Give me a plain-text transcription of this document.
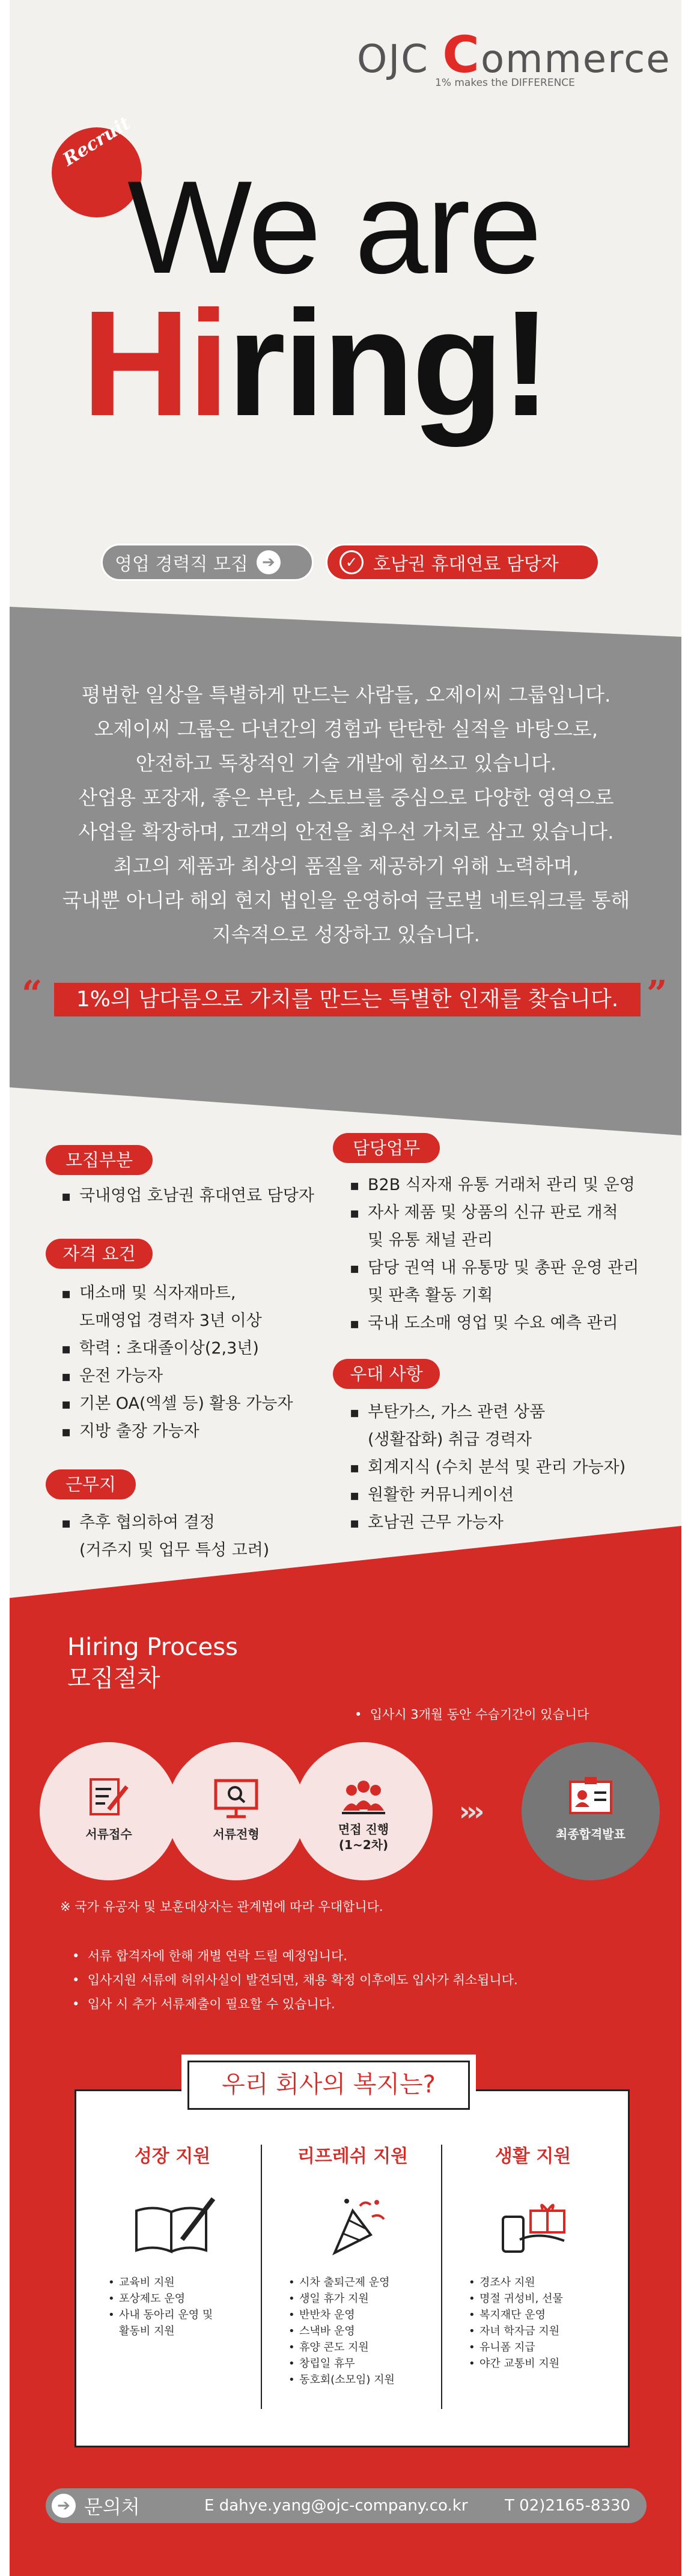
OJC Commerce
1% makes the DIFFERENCE
Recruit
We are
Hiring!
영업 경력직 모집 ➔	✓ 호남권 휴대연료 담당자
평범한 일상을 특별하게 만드는 사람들, 오제이씨 그룹입니다.
오제이씨 그룹은 다년간의 경험과 탄탄한 실적을 바탕으로,
안전하고 독창적인 기술 개발에 힘쓰고 있습니다.
산업용 포장재, 좋은 부탄, 스토브를 중심으로 다양한 영역으로
사업을 확장하며, 고객의 안전을 최우선 가치로 삼고 있습니다.
최고의 제품과 최상의 품질을 제공하기 위해 노력하며,
국내뿐 아니라 해외 현지 법인을 운영하여 글로벌 네트워크를 통해
지속적으로 성장하고 있습니다.
“	1%의 남다름으로 가치를 만드는 특별한 인재를 찾습니다. ”
모집부분
▪ 국내영업 호남권 휴대연료 담당자
자격 요건
▪ 대소매 및 식자재마트,
도매영업 경력자 3년 이상
▪ 학력 : 초대졸이상(2,3년)
▪ 운전 가능자
▪ 기본 OA(엑셀 등) 활용 가능자
▪ 지방 출장 가능자
근무지
▪ 추후 협의하여 결정
(거주지 및 업무 특성 고려)
담당업무
▪ B2B 식자재 유통 거래처 관리 및 운영
▪ 자사 제품 및 상품의 신규 판로 개척
및 유통 채널 관리
▪ 담당 권역 내 유통망 및 총판 운영 관리
및 판촉 활동 기획
▪ 국내 도소매 영업 및 수요 예측 관리
우대 사항
▪ 부탄가스, 가스 관련 상품
(생활잡화) 취급 경력자
▪ 회계지식 (수치 분석 및 관리 가능자)
▪ 원활한 커뮤니케이션
▪ 호남권 근무 가능자
Hiring Process
모집절차
•  입사시 3개월 동안 수습기간이 있습니다
서류접수	서류전형	면접 진행
(1~2차)
›››
최종합격발표
※ 국가 유공자 및 보훈대상자는 관계법에 따라 우대합니다.
•  서류 합격자에 한해 개별 연락 드릴 예정입니다.
•  입사지원 서류에 허위사실이 발견되면, 채용 확정 이후에도 입사가 취소됩니다.
•  입사 시 추가 서류제출이 필요할 수 있습니다.
우리 회사의 복지는?
성장 지원
• 교육비 지원
• 포상제도 운영
• 사내 동아리 운영 및
활동비 지원
리프레쉬 지원
• 시차 출퇴근제 운영
• 생일 휴가 지원
• 반반차 운영
• 스낵바 운영
• 휴양 콘도 지원
• 창립일 휴무
• 동호회(소모임) 지원
생활 지원
• 경조사 지원
• 명절 귀성비, 선물
• 복지재단 운영
• 자녀 학자금 지원
• 유니폼 지급
• 야간 교통비 지원
➔ 문의처	E dahye.yang@ojc-company.co.kr	T 02)2165-8330
